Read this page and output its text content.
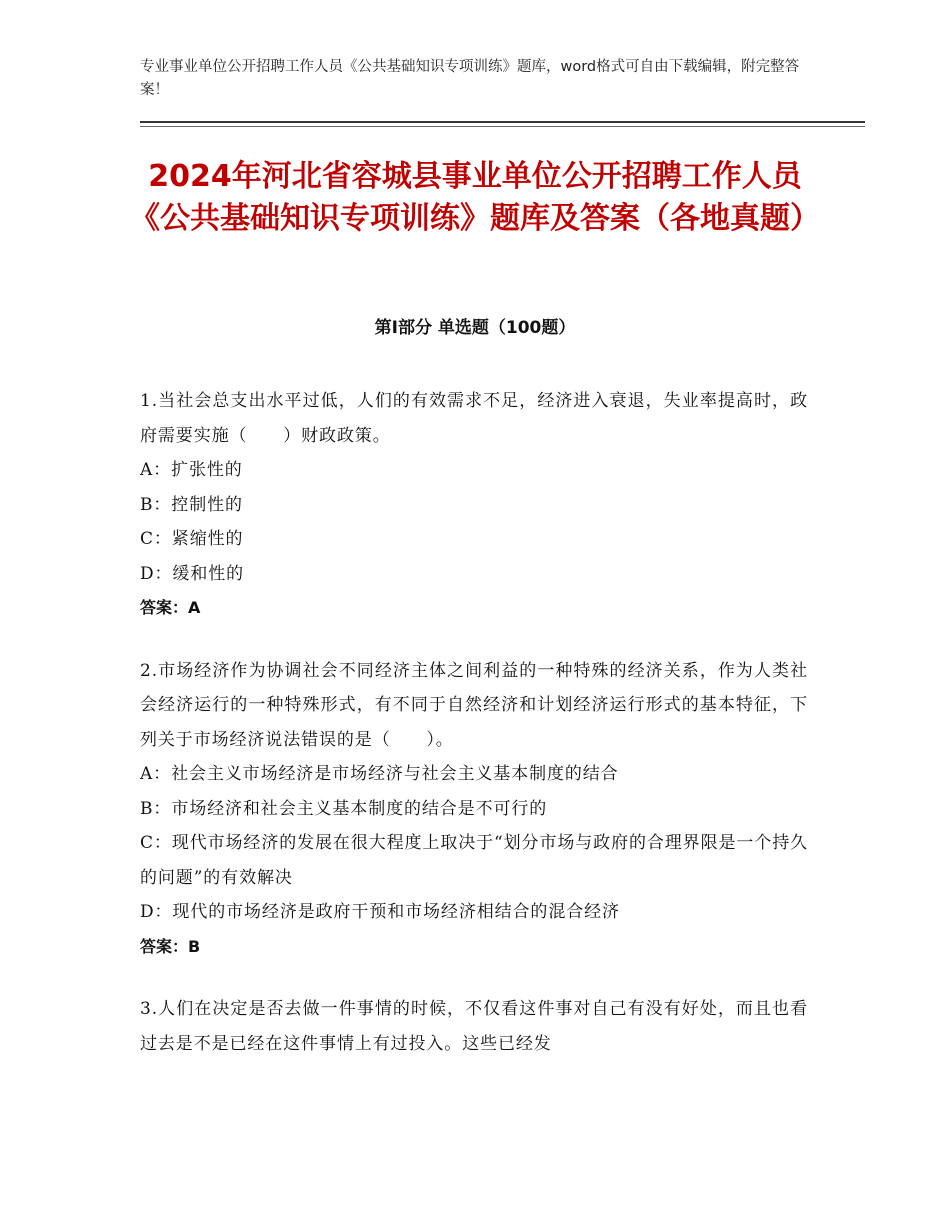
专业事业单位公开招聘工作人员《公共基础知识专项训练》题库，word格式可自由下载编辑，附完整答案！
2024年河北省容城县事业单位公开招聘工作人员《公共基础知识专项训练》题库及答案（各地真题）
第I部分 单选题（100题）

1.当社会总支出水平过低，人们的有效需求不足，经济进入衰退，失业率提高时，政府需要实施（　　）财政政策。

A：扩张性的

B：控制性的

C：紧缩性的

D：缓和性的

答案：A

2.市场经济作为协调社会不同经济主体之间利益的一种特殊的经济关系，作为人类社会经济运行的一种特殊形式，有不同于自然经济和计划经济运行形式的基本特征，下列关于市场经济说法错误的是（　　）。

A：社会主义市场经济是市场经济与社会主义基本制度的结合

B：市场经济和社会主义基本制度的结合是不可行的

C：现代市场经济的发展在很大程度上取决于“划分市场与政府的合理界限是一个持久的问题”的有效解决

D：现代的市场经济是政府干预和市场经济相结合的混合经济

答案：B

3.人们在决定是否去做一件事情的时候，不仅看这件事对自己有没有好处，而且也看过去是不是已经在这件事情上有过投入。这些已经发
